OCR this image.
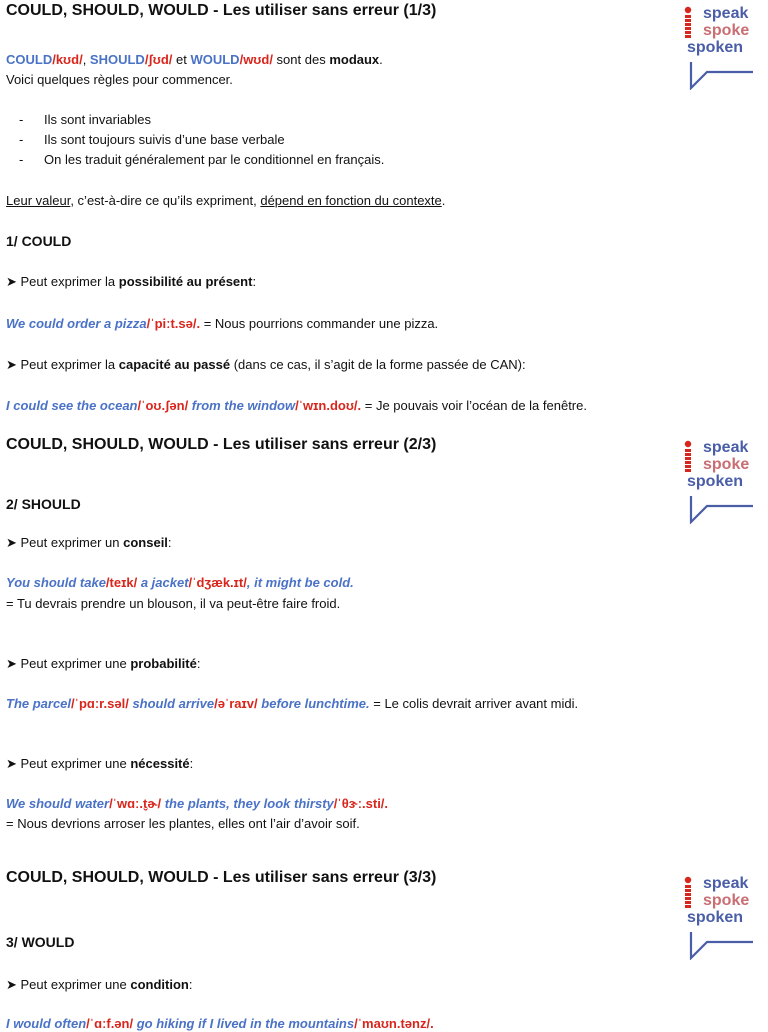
COULD, SHOULD, WOULD - Les utiliser sans erreur (1/3)	speak
spoke
spoken
COULD/kʊd/, SHOULD/ʃʊd/ et WOULD/wʊd/ sont des modaux.
Voici quelques règles pour commencer.
- Ils sont invariables
- Ils sont toujours suivis d’une base verbale
- On les traduit généralement par le conditionnel en français.
Leur valeur, c’est-à-dire ce qu’ils expriment, dépend en fonction du contexte.
1/ COULD
➤ Peut exprimer la possibilité au présent:
We could order a pizza/ˈpiːt.sə/. = Nous pourrions commander une pizza.
➤ Peut exprimer la capacité au passé (dans ce cas, il s’agit de la forme passée de CAN):
I could see the ocean/ˈoʊ.ʃən/ from the window/ˈwɪn.doʊ/. = Je pouvais voir l’océan de la fenêtre.
COULD, SHOULD, WOULD - Les utiliser sans erreur (2/3)	speak
spoke
spoken
2/ SHOULD
➤ Peut exprimer un conseil:
You should take/teɪk/ a jacket/ˈdʒæk.ɪt/, it might be cold.
= Tu devrais prendre un blouson, il va peut-être faire froid.
➤ Peut exprimer une probabilité:
The parcel/ˈpɑːr.səl/ should arrive/əˈraɪv/ before lunchtime. = Le colis devrait arriver avant midi.
➤ Peut exprimer une nécessité:
We should water/ˈwɑː.t̬ɚ/ the plants, they look thirsty/ˈθɝː.sti/.
= Nous devrions arroser les plantes, elles ont l’air d’avoir soif.
COULD, SHOULD, WOULD - Les utiliser sans erreur (3/3)	speak
spoke
spoken
3/ WOULD
➤ Peut exprimer une condition:
I would often/ˈɑːf.ən/ go hiking if I lived in the mountains/ˈmaʊn.tənz/.
